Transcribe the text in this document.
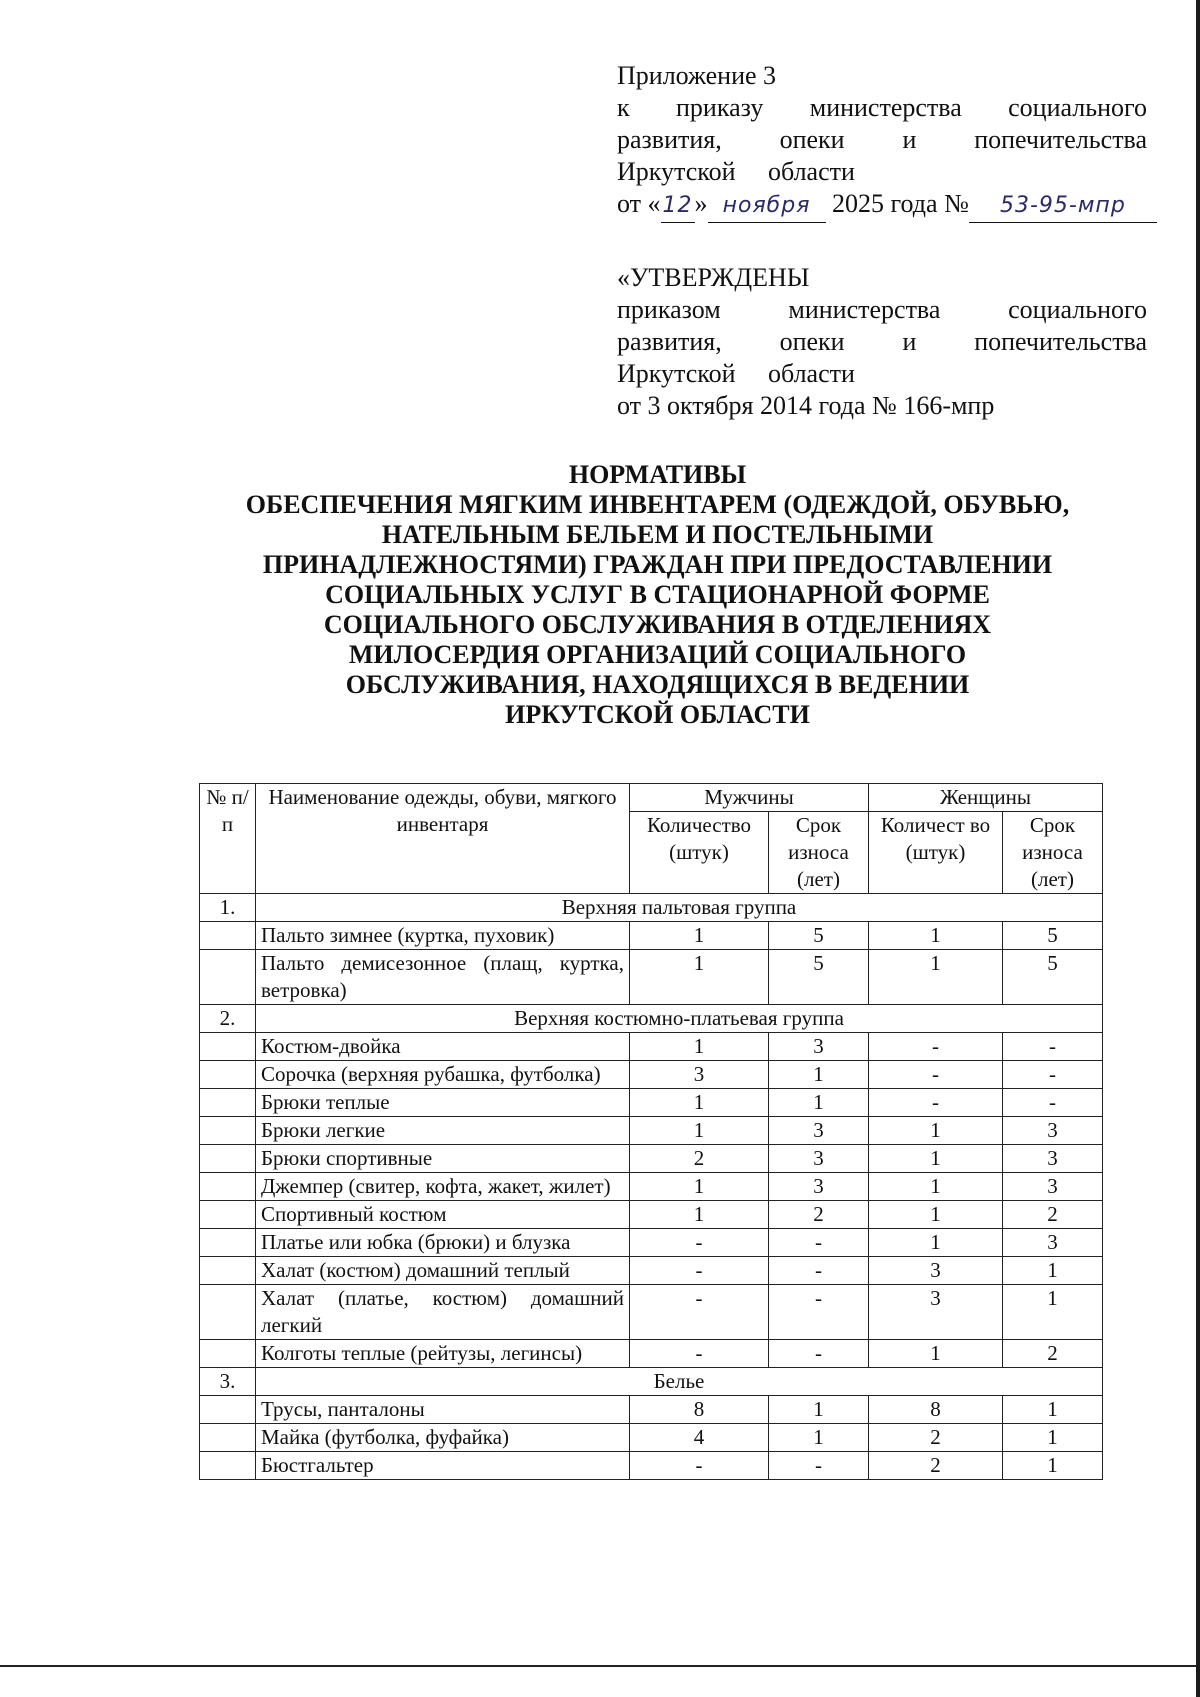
Приложение 3
к приказу министерства социального
развития, опеки и попечительства
Иркутской     области
от «12» ноября 2025 года № 53-95-мпр
«УТВЕРЖДЕНЫ
приказом	министерства	социального
развития, опеки и попечительства
Иркутской     области
от 3 октября 2014 года № 166-мпр
НОРМАТИВЫ
ОБЕСПЕЧЕНИЯ МЯГКИМ ИНВЕНТАРЕМ (ОДЕЖДОЙ, ОБУВЬЮ,
НАТЕЛЬНЫМ БЕЛЬЕМ И ПОСТЕЛЬНЫМИ
ПРИНАДЛЕЖНОСТЯМИ) ГРАЖДАН ПРИ ПРЕДОСТАВЛЕНИИ
СОЦИАЛЬНЫХ УСЛУГ В СТАЦИОНАРНОЙ ФОРМЕ
СОЦИАЛЬНОГО ОБСЛУЖИВАНИЯ В ОТДЕЛЕНИЯХ
МИЛОСЕРДИЯ ОРГАНИЗАЦИЙ СОЦИАЛЬНОГО
ОБСЛУЖИВАНИЯ, НАХОДЯЩИХСЯ В ВЕДЕНИИ
ИРКУТСКОЙ ОБЛАСТИ
№ п/п	Наименование одежды, обуви, мягкого инвентаря	Мужчины		Женщины	
		Количество (штук)	Срок износа (лет)	Количест во (штук)	Срок износа (лет)
1.	Верхняя пальтовая группа				
	Пальто зимнее (куртка, пуховик)	1	5	1	5
	Пальто демисезонное (плащ, куртка, ветровка)	1	5	1	5
2.	Верхняя костюмно-платьевая группа				
	Костюм-двойка	1	3	-	-
	Сорочка (верхняя рубашка, футболка)	3	1	-	-
	Брюки теплые	1	1	-	-
	Брюки легкие	1	3	1	3
	Брюки спортивные	2	3	1	3
	Джемпер (свитер, кофта, жакет, жилет)	1	3	1	3
	Спортивный костюм	1	2	1	2
	Платье или юбка (брюки) и блузка	-	-	1	3
	Халат (костюм) домашний теплый	-	-	3	1
	Халат (платье, костюм) домашний легкий	-	-	3	1
	Колготы теплые (рейтузы, легинсы)	-	-	1	2
3.	Белье				
	Трусы, панталоны	8	1	8	1
	Майка (футболка, фуфайка)	4	1	2	1
	Бюстгальтер	-	-	2	1
